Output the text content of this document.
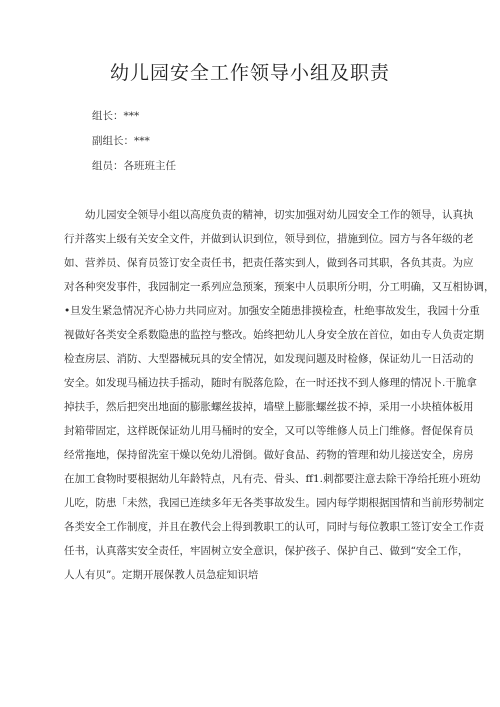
幼儿园安全工作领导小组及职责
组长：***
副组长：***
组员：各班班主任
幼儿园安全领导小组以高度负责的精神，切实加强对幼儿园安全工作的领导，认真执
行并落实上级有关安全文件，并做到认识到位，领导到位，措施到位。园方与各年级的老
如、营养员、保育员签订安全责任书，把责任落实到人，做到各司其职，各负其责。为应
对各种突发事件，我园制定一系列应急预案，预案中人员职所分明，分工明确，又互相协调，
•旦发生紧急情况齐心协力共同应对。加强安全随患排摸检查，杜绝事故发生，我园十分重
视做好各类安全系数隐患的监控与整改。始终把幼儿人身安全放在首位，如由专人负责定期
检查房层、消防、大型器械玩具的安全情况，如发现问题及时检修，保证幼儿一日活动的
安全。如发现马桶边扶手摇动，随时有脱落危险，在一时还找不到人修理的情况卜.干脆拿
掉扶手，然后把突出地面的膨胀螺丝拔掉，墙壁上膨胀螺丝拔不掉，采用一小块植体板用
封箱带固定，这样既保证幼儿用马桶时的安全，又可以等维修人员上门维修。督促保育员
经常拖地，保持留洗室干燥以免幼儿滑倒。做好食品、药物的管理和幼儿接送安全，房房
在加工食物时要根据幼儿年龄特点，凡有壳、骨头、ff1.刺都要注意去除干净给托班小班幼
儿吃，防患「未然，我园已连续多年无各类事故发生。园内每学期根据国情和当前形势制定
各类安全工作制度，并且在教代会上得到教职工的认可，同时与每位教职工签订安全工作责
任书，认真落实安全责任，牢固树立安全意识，保护孩子、保护自己、做到“安全工作，
人人有贝”。定期开展保教人员急症知识培
